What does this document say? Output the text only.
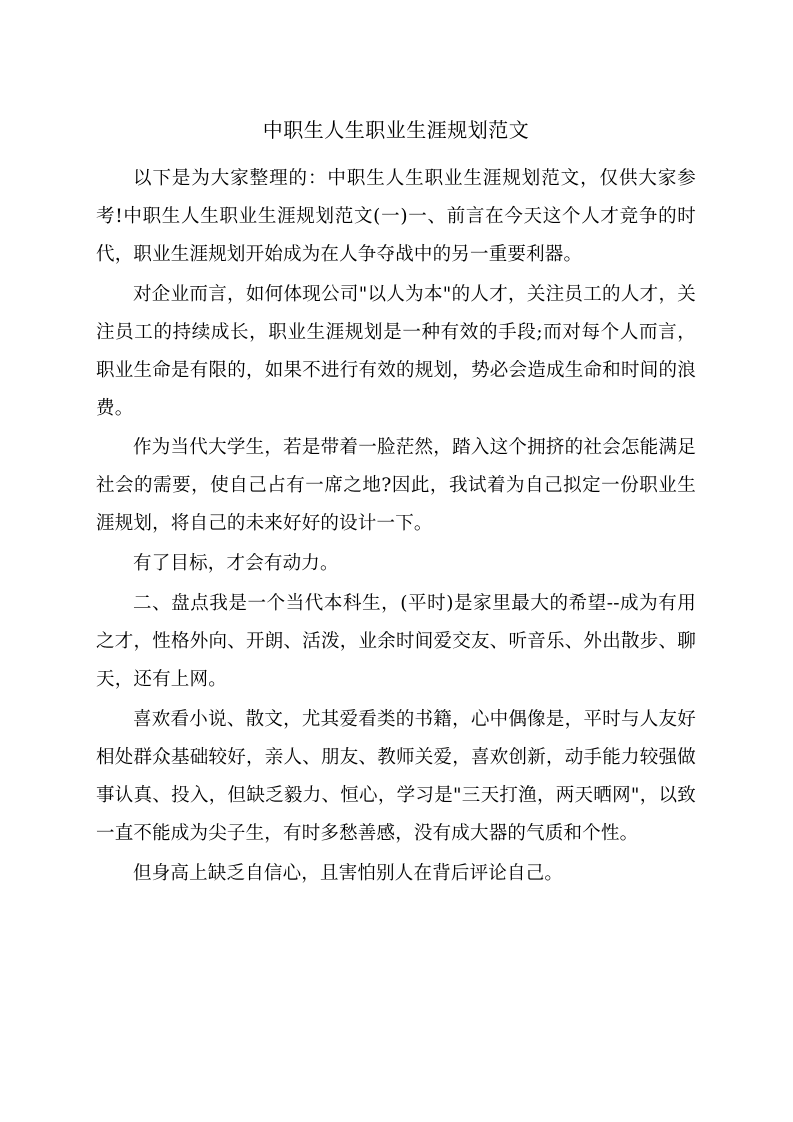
中职生人生职业生涯规划范文

以下是为大家整理的：中职生人生职业生涯规划范文，仅供大家参考!中职生人生职业生涯规划范文(一)一、前言在今天这个人才竞争的时代，职业生涯规划开始成为在人争夺战中的另一重要利器。

对企业而言，如何体现公司"以人为本"的人才，关注员工的人才，关注员工的持续成长，职业生涯规划是一种有效的手段;而对每个人而言，职业生命是有限的，如果不进行有效的规划，势必会造成生命和时间的浪费。

作为当代大学生，若是带着一脸茫然，踏入这个拥挤的社会怎能满足社会的需要，使自己占有一席之地?因此，我试着为自己拟定一份职业生涯规划，将自己的未来好好的设计一下。

有了目标，才会有动力。

二、盘点我是一个当代本科生，(平时)是家里最大的希望--成为有用之才，性格外向、开朗、活泼，业余时间爱交友、听音乐、外出散步、聊天，还有上网。

喜欢看小说、散文，尤其爱看类的书籍，心中偶像是，平时与人友好相处群众基础较好，亲人、朋友、教师关爱，喜欢创新，动手能力较强做事认真、投入，但缺乏毅力、恒心，学习是"三天打渔，两天晒网"，以致一直不能成为尖子生，有时多愁善感，没有成大器的气质和个性。

但身高上缺乏自信心，且害怕别人在背后评论自己。
